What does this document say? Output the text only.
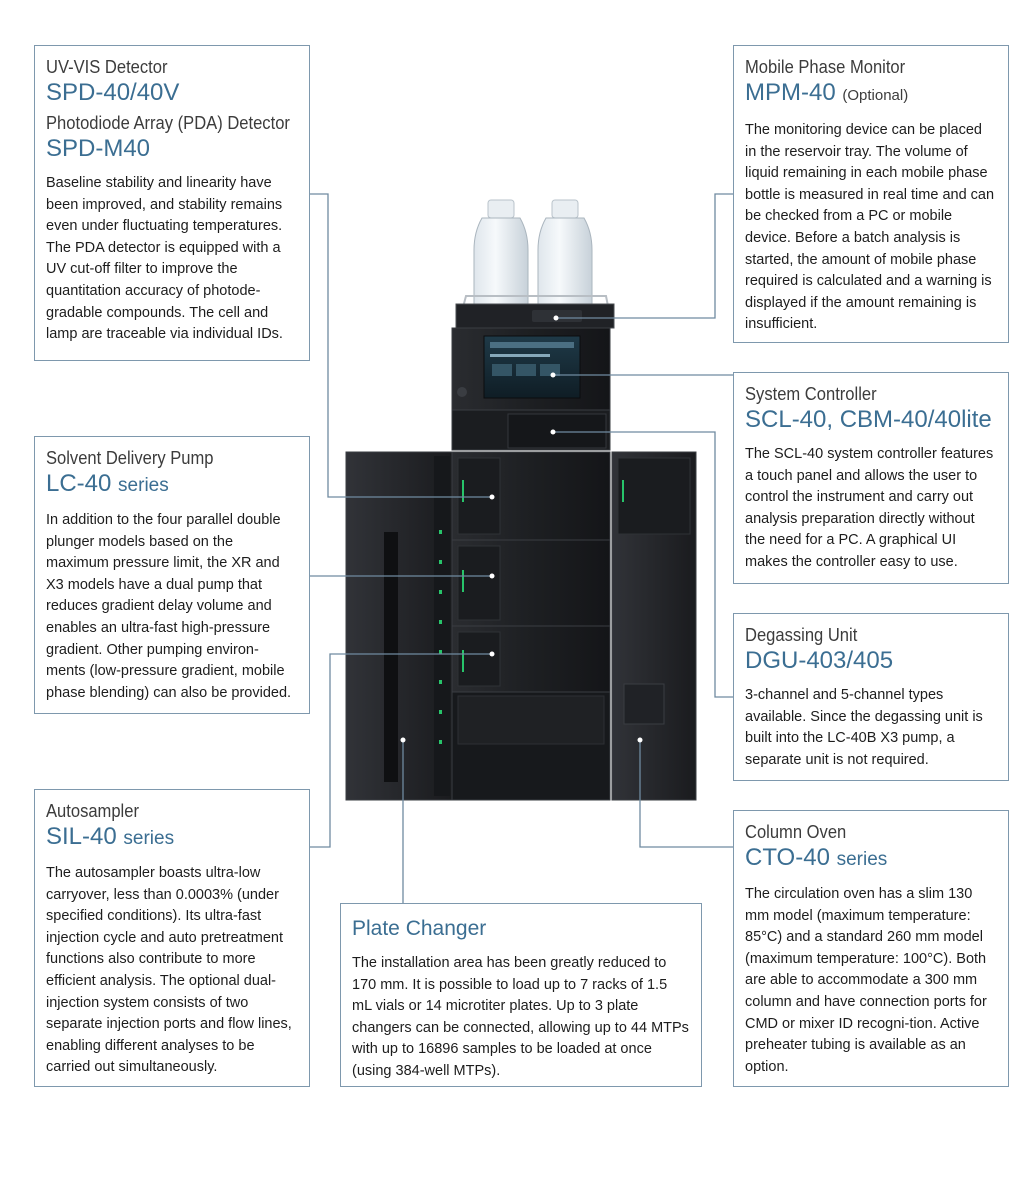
UV-VIS Detector
SPD-40/40V
Photodiode Array (PDA) Detector
SPD-M40
Baseline stability and linearity have been improved, and stability remains even under fluctuating temperatures. The PDA detector is equipped with a UV cut-off filter to improve the quantitation accuracy of photode-gradable compounds. The cell and lamp are traceable via individual IDs.
Solvent Delivery Pump
LC-40 series
In addition to the four parallel double plunger models based on the maximum pressure limit, the XR and X3 models have a dual pump that reduces gradient delay volume and enables an ultra-fast high-pressure gradient. Other pumping environ-ments (low-pressure gradient, mobile phase blending) can also be provided.
Autosampler
SIL-40 series
The autosampler boasts ultra-low carryover, less than 0.0003% (under specified conditions). Its ultra-fast injection cycle and auto pretreatment functions also contribute to more efficient analysis. The optional dual-injection system consists of two separate injection ports and flow lines, enabling different analyses to be carried out simultaneously.
Plate Changer
The installation area has been greatly reduced to 170 mm. It is possible to load up to 7 racks of 1.5 mL vials or 14 microtiter plates. Up to 3 plate changers can be connected, allowing up to 44 MTPs with up to 16896 samples to be loaded at once (using 384-well MTPs).
Mobile Phase Monitor
MPM-40 (Optional)
The monitoring device can be placed in the reservoir tray. The volume of liquid remaining in each mobile phase bottle is measured in real time and can be checked from a PC or mobile device. Before a batch analysis is started, the amount of mobile phase required is calculated and a warning is displayed if the amount remaining is insufficient.
System Controller
SCL-40, CBM-40/40lite
The SCL-40 system controller features a touch panel and allows the user to control the instrument and carry out analysis preparation directly without the need for a PC. A graphical UI makes the controller easy to use.
Degassing Unit
DGU-403/405
3-channel and 5-channel types available. Since the degassing unit is built into the LC-40B X3 pump, a separate unit is not required.
Column Oven
CTO-40 series
The circulation oven has a slim 130 mm model (maximum temperature: 85°C) and a standard 260 mm model (maximum temperature: 100°C). Both are able to accommodate a 300 mm column and have connection ports for CMD or mixer ID recogni-tion. Active preheater tubing is available as an option.
